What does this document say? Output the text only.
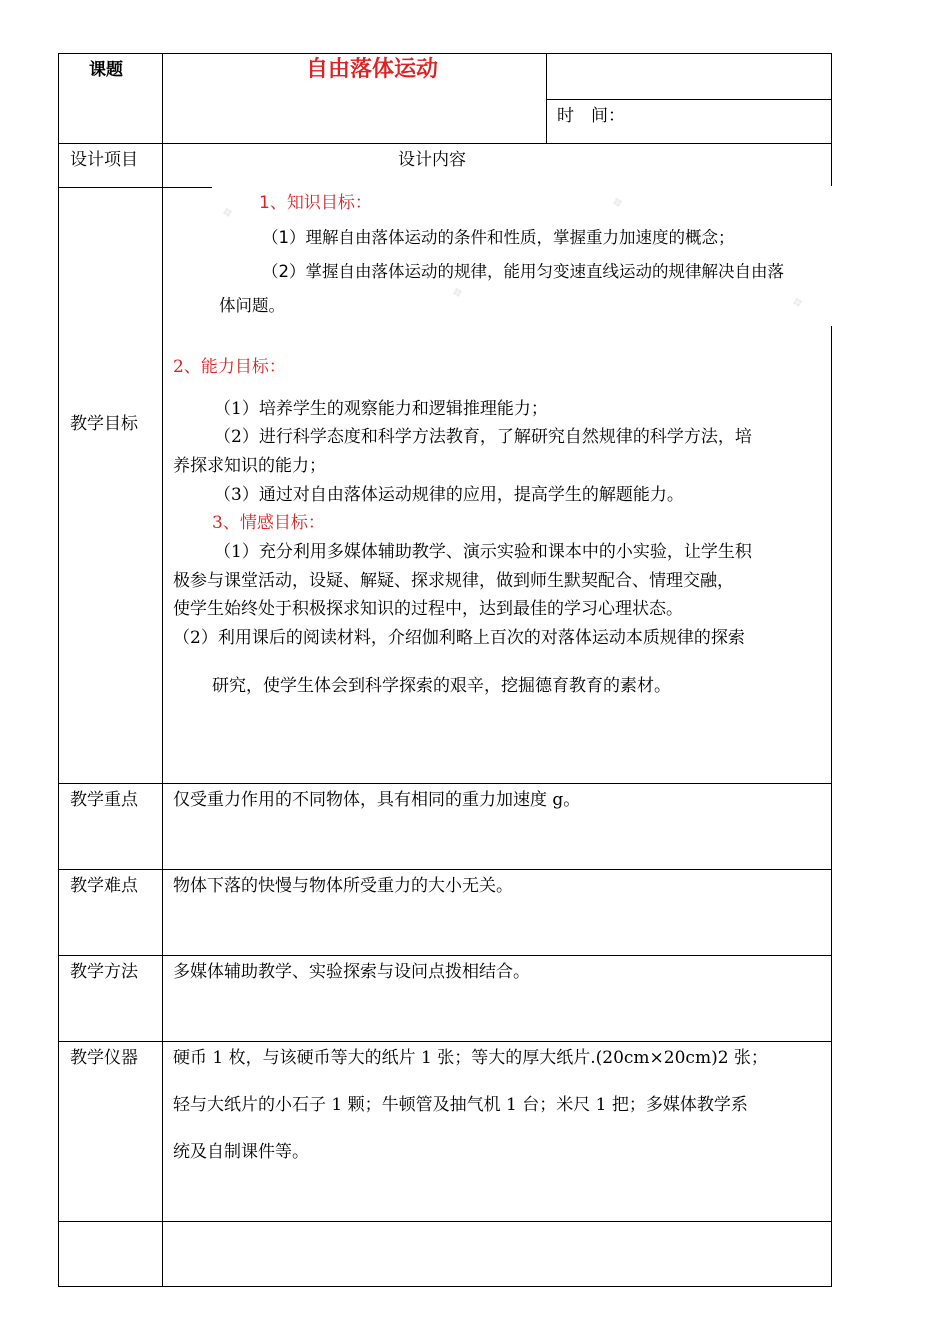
课题	自由落体运动
时　间：
设计项目	设计内容
❖
❖
❖
❖
1、知识目标：
（1）理解自由落体运动的条件和性质，掌握重力加速度的概念；
（2）掌握自由落体运动的规律，能用匀变速直线运动的规律解决自由落
体问题。
教学目标
2、能力目标：
（1）培养学生的观察能力和逻辑推理能力；
（2）进行科学态度和科学方法教育，了解研究自然规律的科学方法，培
养探求知识的能力；
（3）通过对自由落体运动规律的应用，提高学生的解题能力。
3、情感目标：
（1）充分利用多媒体辅助教学、演示实验和课本中的小实验，让学生积
极参与课堂活动，设疑、解疑、探求规律，做到师生默契配合、情理交融，
使学生始终处于积极探求知识的过程中，达到最佳的学习心理状态。
（2）利用课后的阅读材料，介绍伽利略上百次的对落体运动本质规律的探索
研究，使学生体会到科学探索的艰辛，挖掘德育教育的素材。
教学重点 仅受重力作用的不同物体，具有相同的重力加速度 g。
教学难点 物体下落的快慢与物体所受重力的大小无关。
教学方法 多媒体辅助教学、实验探索与设问点拨相结合。
教学仪器 硬币 1 枚，与该硬币等大的纸片 1 张；等大的厚大纸片.(20cm×20cm)2 张；
轻与大纸片的小石子 1 颗；牛顿管及抽气机 1 台；米尺 1 把；多媒体教学系
统及自制课件等。
